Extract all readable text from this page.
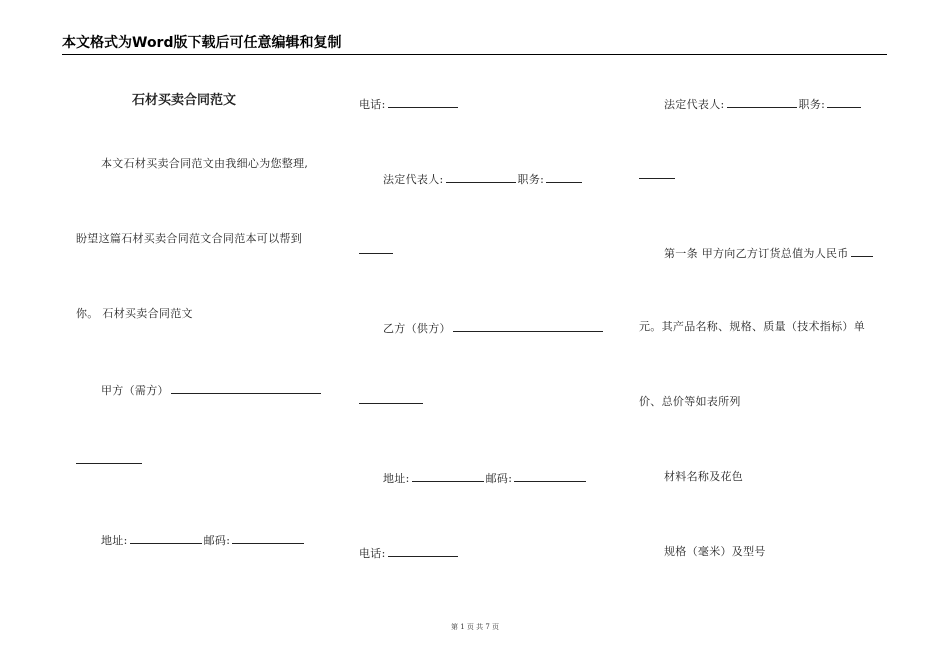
本文格式为Word版下载后可任意编辑和复制
石材买卖合同范文
本文石材买卖合同范文由我细心为您整理,
盼望这篇石材买卖合同范文合同范本可以帮到
你。 石材买卖合同范文
甲方（需方）
地址:	邮码:
电话:
法定代表人:	职务:
乙方（供方）
地址:	邮码:
电话:
法定代表人:	职务:
第一条 甲方向乙方订货总值为人民币
元。其产品名称、规格、质量（技术指标）单
价、总价等如表所列
材料名称及花色
规格（毫米）及型号
第 1 页 共 7 页
